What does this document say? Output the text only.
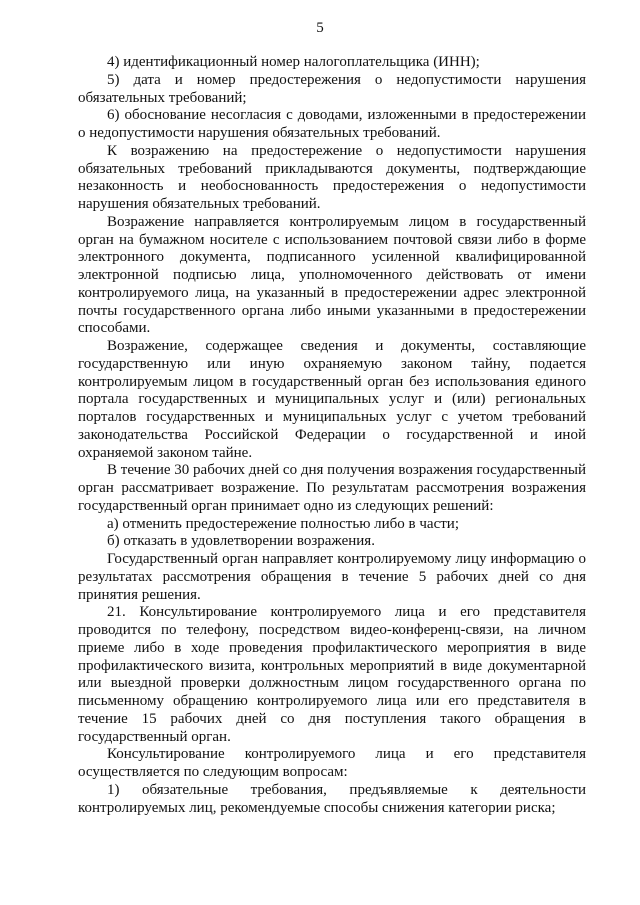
5

4) идентификационный номер налогоплательщика (ИНН);

5) дата и номер предостережения о недопустимости нарушения обязательных требований;

6) обоснование несогласия с доводами, изложенными в предостережении о недопустимости нарушения обязательных требований.

К возражению на предостережение о недопустимости нарушения обязательных требований прикладываются документы, подтверждающие незаконность и необоснованность предостережения о недопустимости нарушения обязательных требований.

Возражение направляется контролируемым лицом в государственный орган на бумажном носителе с использованием почтовой связи либо в форме электронного документа, подписанного усиленной квалифицированной электронной подписью лица, уполномоченного действовать от имени контролируемого лица, на указанный в предостережении адрес электронной почты государственного органа либо иными указанными в предостережении способами.

Возражение, содержащее сведения и документы, составляющие государственную или иную охраняемую законом тайну, подается контролируемым лицом в государственный орган без использования единого портала государственных и муниципальных услуг и (или) региональных порталов государственных и муниципальных услуг с учетом требований законодательства Российской Федерации о государственной и иной охраняемой законом тайне.

В течение 30 рабочих дней со дня получения возражения государственный орган рассматривает возражение. По результатам рассмотрения возражения государственный орган принимает одно из следующих решений:

а) отменить предостережение полностью либо в части;

б) отказать в удовлетворении возражения.

Государственный орган направляет контролируемому лицу информацию о результатах рассмотрения обращения в течение 5 рабочих дней со дня принятия решения.

21. Консультирование контролируемого лица и его представителя проводится по телефону, посредством видео-конференц-связи, на личном приеме либо в ходе проведения профилактического мероприятия в виде профилактического визита, контрольных мероприятий в виде документарной или выездной проверки должностным лицом государственного органа по письменному обращению контролируемого лица или его представителя в течение 15 рабочих дней со дня поступления такого обращения в государственный орган.

Консультирование контролируемого лица и его представителя осуществляется по следующим вопросам:

1) обязательные требования, предъявляемые к деятельности контролируемых лиц, рекомендуемые способы снижения категории риска;
